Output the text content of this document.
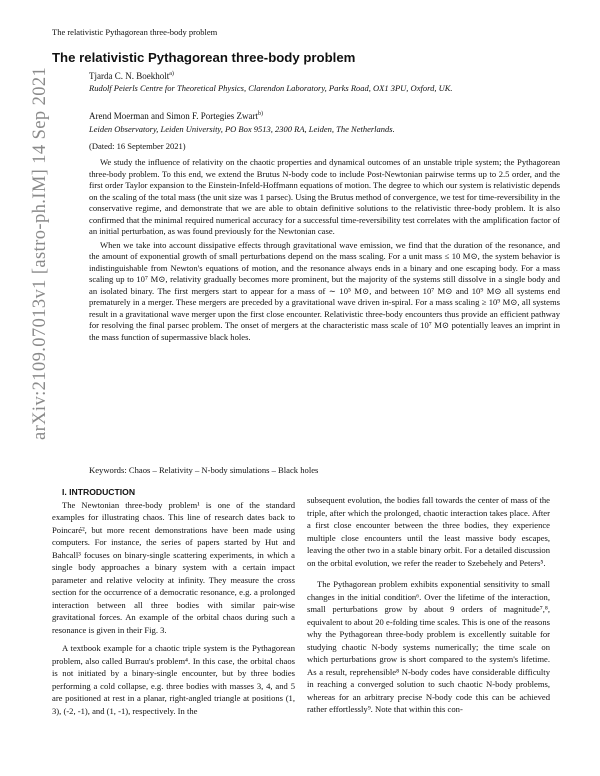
The relativistic Pythagorean three-body problem
The relativistic Pythagorean three-body problem
Tjarda C. N. Boekholt$^{a)}$
Rudolf Peierls Centre for Theoretical Physics, Clarendon Laboratory, Parks Road, OX1 3PU, Oxford, UK.
Arend Moerman and Simon F. Portegies Zwart$^{b)}$
Leiden Observatory, Leiden University, PO Box 9513, 2300 RA, Leiden, The Netherlands.
(Dated: 16 September 2021)

We study the influence of relativity on the chaotic properties and dynamical outcomes of an unstable triple system; the Pythagorean three-body problem. To this end, we extend the Brutus N-body code to include Post-Newtonian pairwise terms up to 2.5 order, and the first order Taylor expansion to the Einstein-Infeld-Hoffmann equations of motion. The degree to which our system is relativistic depends on the scaling of the total mass (the unit size was 1 parsec). Using the Brutus method of convergence, we test for time-reversibility in the conservative regime, and demonstrate that we are able to obtain definitive solutions to the relativistic three-body problem. It is also confirmed that the minimal required numerical accuracy for a successful time-reversibility test correlates with the amplification factor of an initial perturbation, as was found previously for the Newtonian case.

When we take into account dissipative effects through gravitational wave emission, we find that the duration of the resonance, and the amount of exponential growth of small perturbations depend on the mass scaling. For a unit mass ≤ 10 M⊙, the system behavior is indistinguishable from Newton's equations of motion, and the resonance always ends in a binary and one escaping body. For a mass scaling up to 10⁷ M⊙, relativity gradually becomes more prominent, but the majority of the systems still dissolve in a single body and an isolated binary. The first mergers start to appear for a mass of ∼ 10⁵ M⊙, and between 10⁷ M⊙ and 10⁹ M⊙ all systems end prematurely in a merger. These mergers are preceded by a gravitational wave driven in-spiral. For a mass scaling ≥ 10⁹ M⊙, all systems result in a gravitational wave merger upon the first close encounter. Relativistic three-body encounters thus provide an efficient pathway for resolving the final parsec problem. The onset of mergers at the characteristic mass scale of 10⁷ M⊙ potentially leaves an imprint in the mass function of supermassive black holes.

Keywords: Chaos – Relativity – N-body simulations – Black holes
arXiv:2109.07013v1 [astro-ph.IM] 14 Sep 2021

I. INTRODUCTION

The Newtonian three-body problem¹ is one of the standard examples for illustrating chaos. This line of research dates back to Poincaré², but more recent demonstrations have been made using computers. For instance, the series of papers started by Hut and Bahcall³ focuses on binary-single scattering experiments, in which a single body approaches a binary system with a certain impact parameter and relative velocity at infinity. They measure the cross section for the occurrence of a democratic resonance, e.g. a prolonged interaction between all three bodies with similar pair-wise gravitational forces. An example of the orbital chaos during such a resonance is given in their Fig. 3.

A textbook example for a chaotic triple system is the Pythagorean problem, also called Burrau's problem⁴. In this case, the orbital chaos is not initiated by a binary-single encounter, but by three bodies performing a cold collapse, e.g. three bodies with masses 3, 4, and 5 are positioned at rest in a planar, right-angled triangle at positions (1, 3), (-2, -1), and (1, -1), respectively. In the

subsequent evolution, the bodies fall towards the center of mass of the triple, after which the prolonged, chaotic interaction takes place. After a first close encounter between the three bodies, they experience multiple close encounters until the least massive body escapes, leaving the other two in a stable binary orbit. For a detailed discussion on the orbital evolution, we refer the reader to Szebehely and Peters⁵.

The Pythagorean problem exhibits exponential sensitivity to small changes in the initial condition⁶. Over the lifetime of the interaction, small perturbations grow by about 9 orders of magnitude⁷,⁸, equivalent to about 20 e-folding time scales. This is one of the reasons why the Pythagorean three-body problem is excellently suitable for studying chaotic N-body systems numerically; the time scale on which perturbations grow is short compared to the system's lifetime. As a result, reprehensible⁸ N-body codes have considerable difficulty in reaching a converged solution to such chaotic N-body problems, whereas for an arbitrary precise N-body code this can be achieved rather effortlessly⁹. Note that within this con-
